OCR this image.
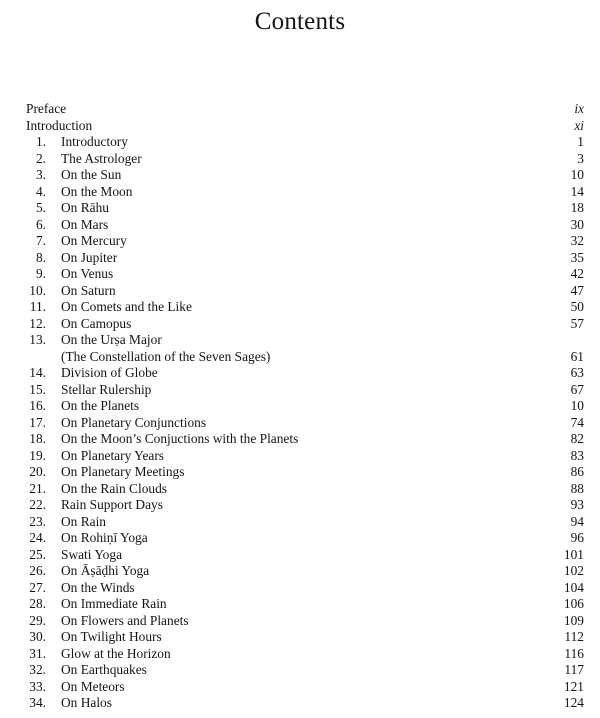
Contents
Preface	ix
Introduction	xi
1. Introductory	1
2. The Astrologer	3
3. On the Sun	10
4. On the Moon	14
5. On Rāhu	18
6. On Mars	30
7. On Mercury	32
8. On Jupiter	35
9. On Venus	42
10. On Saturn	47
11. On Comets and the Like	50
12. On Camopus	57
13. On the Urṣa Major
(The Constellation of the Seven Sages)	61
14. Division of Globe	63
15. Stellar Rulership	67
16. On the Planets	10
17. On Planetary Conjunctions	74
18. On the Moon’s Conjuctions with the Planets	82
19. On Planetary Years	83
20. On Planetary Meetings	86
21. On the Rain Clouds	88
22. Rain Support Days	93
23. On Rain	94
24. On Rohiṇī Yoga	96
25. Swati Yoga	101
26. On Āṣāḍhi Yoga	102
27. On the Winds	104
28. On Immediate Rain	106
29. On Flowers and Planets	109
30. On Twilight Hours	112
31. Glow at the Horizon	116
32. On Earthquakes	117
33. On Meteors	121
34. On Halos	124
